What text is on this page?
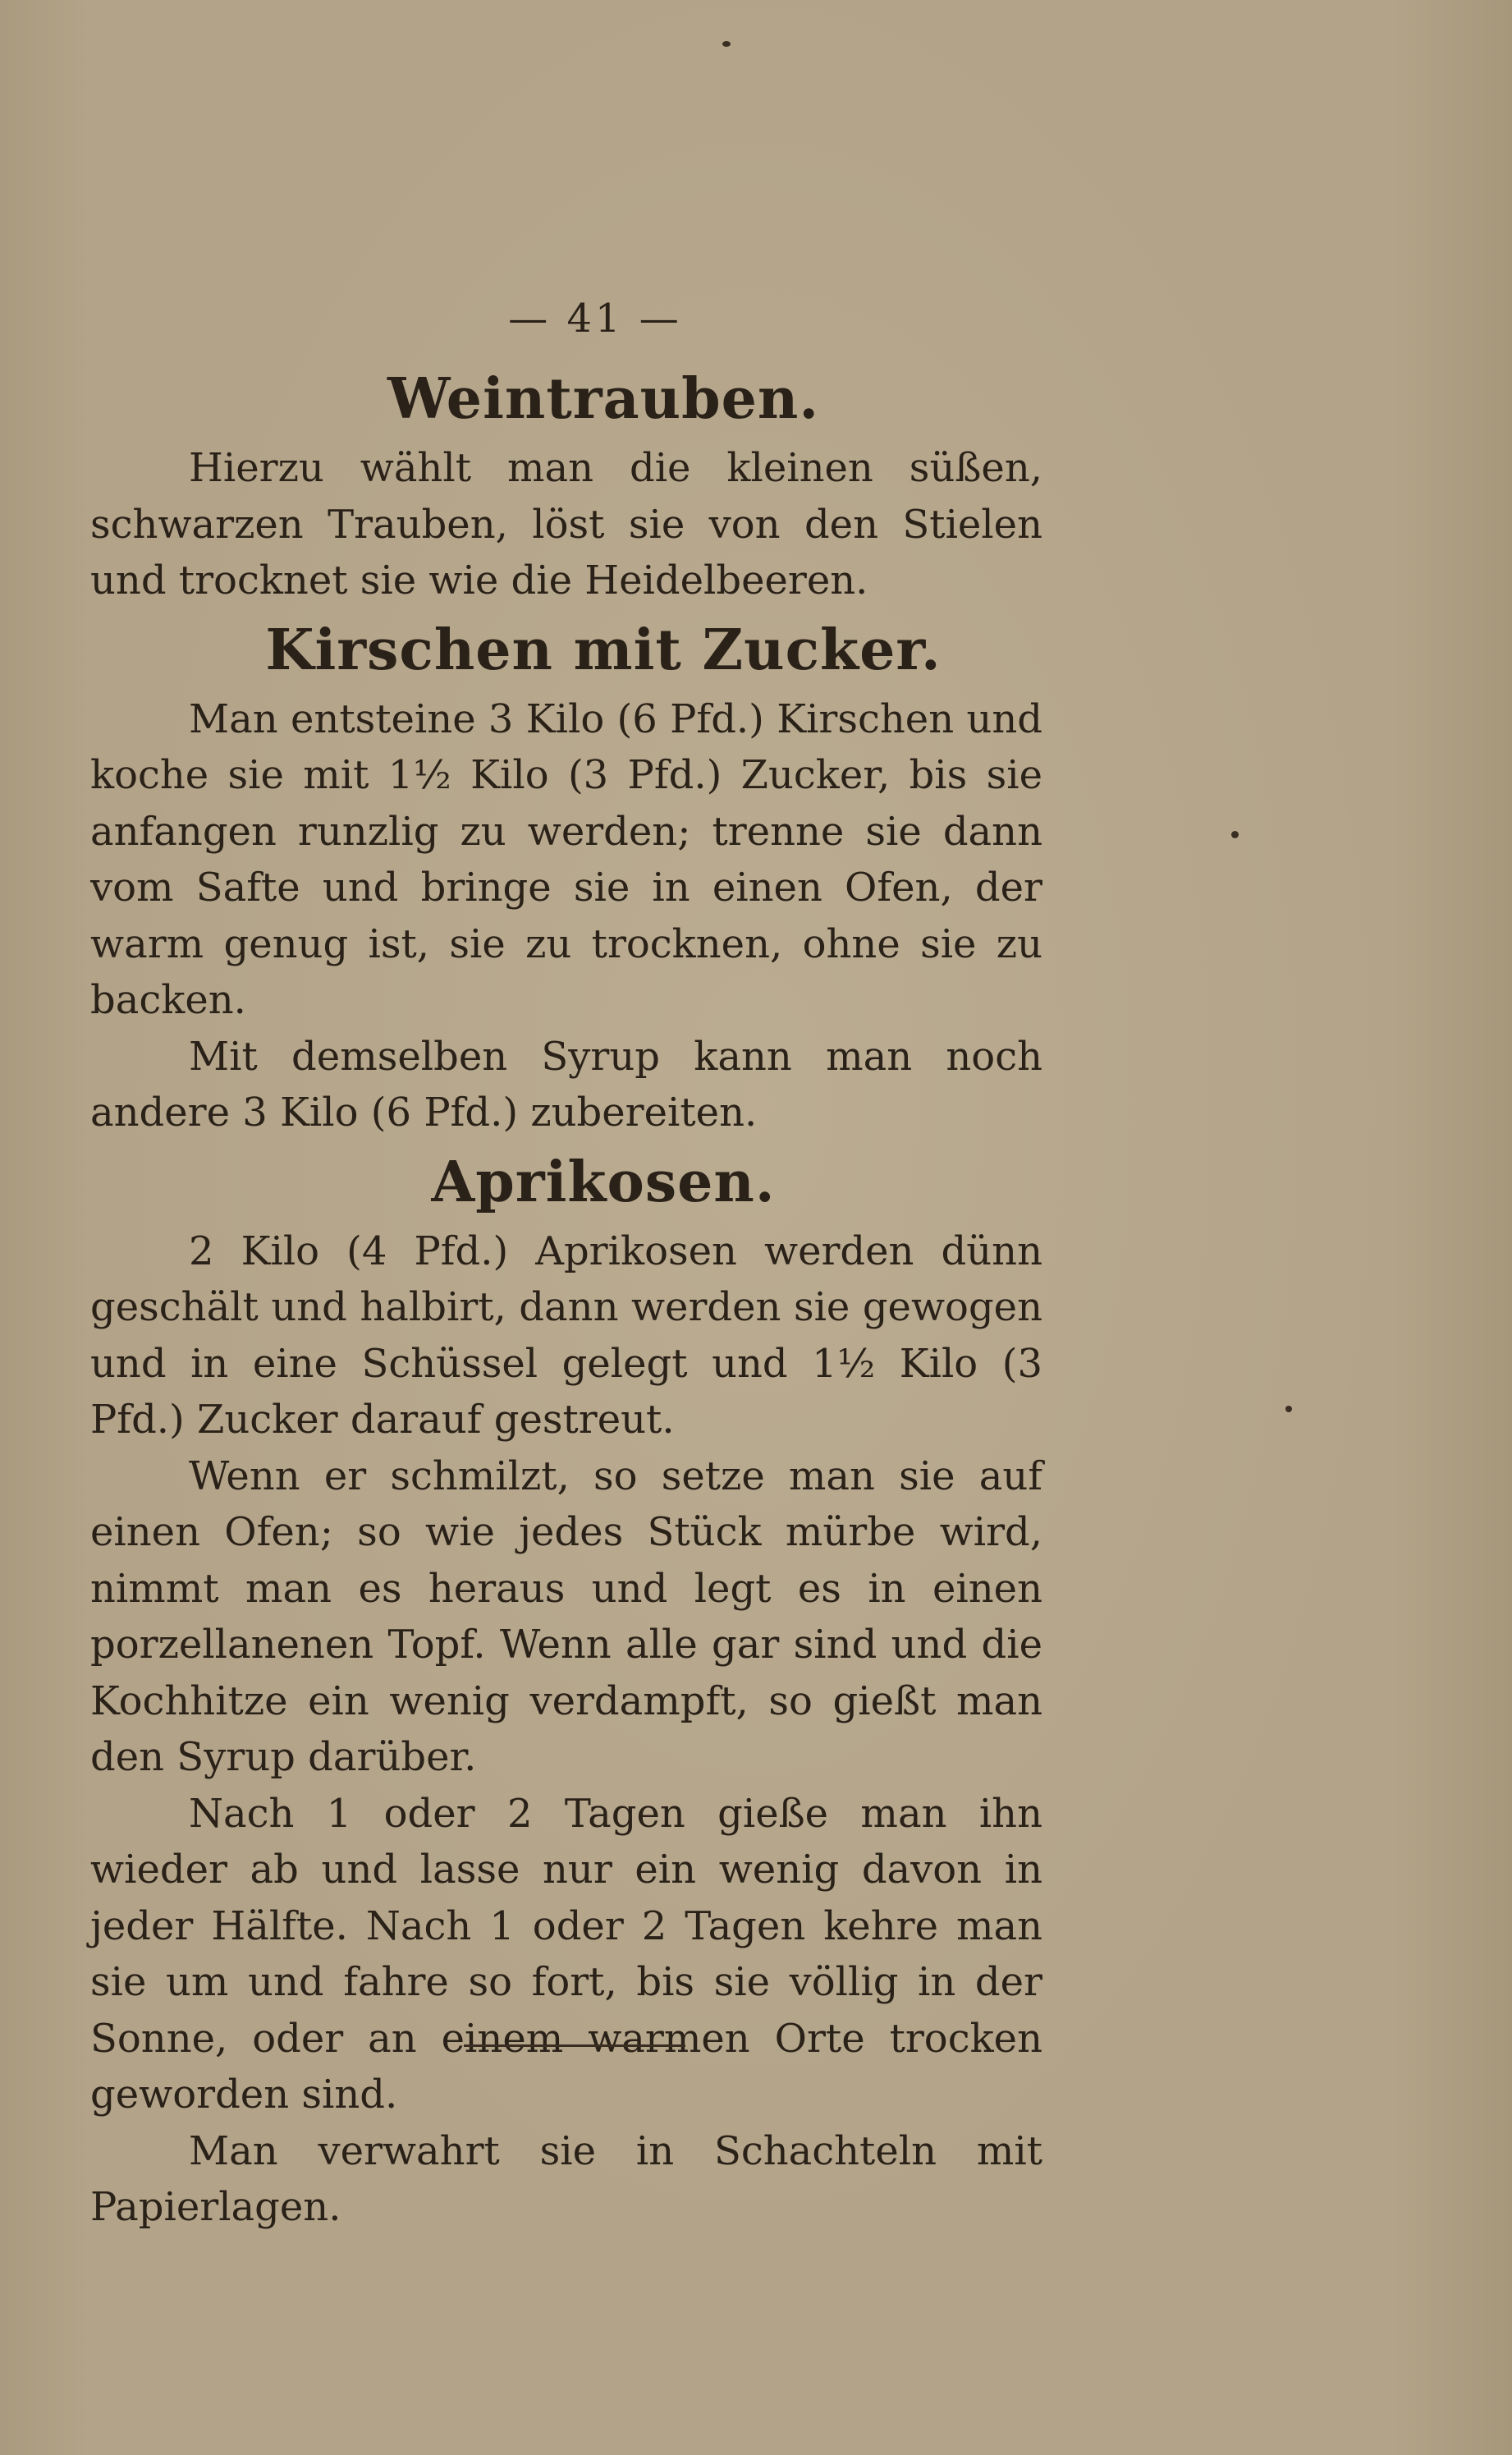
— 41 —
Weintrauben.

Hierzu wählt man die kleinen süßen, schwarzen Trauben, löst sie von den Stielen und trocknet sie wie die Heidelbeeren.

Kirschen mit Zucker.

Man entsteine 3 Kilo (6 Pfd.) Kirschen und koche sie mit 1½ Kilo (3 Pfd.) Zucker, bis sie anfangen runzlig zu werden; trenne sie dann vom Safte und bringe sie in einen Ofen, der warm genug ist, sie zu trocknen, ohne sie zu backen.

Mit demselben Syrup kann man noch andere 3 Kilo (6 Pfd.) zubereiten.

Aprikosen.

2 Kilo (4 Pfd.) Aprikosen werden dünn geschält und halbirt, dann werden sie gewogen und in eine Schüssel gelegt und 1½ Kilo (3 Pfd.) Zucker darauf gestreut.

Wenn er schmilzt, so setze man sie auf einen Ofen; so wie jedes Stück mürbe wird, nimmt man es heraus und legt es in einen porzellanenen Topf. Wenn alle gar sind und die Kochhitze ein wenig verdampft, so gießt man den Syrup darüber.

Nach 1 oder 2 Tagen gieße man ihn wieder ab und lasse nur ein wenig davon in jeder Hälfte. Nach 1 oder 2 Tagen kehre man sie um und fahre so fort, bis sie völlig in der Sonne, oder an einem warmen Orte trocken geworden sind.

Man verwahrt sie in Schachteln mit Papierlagen.
